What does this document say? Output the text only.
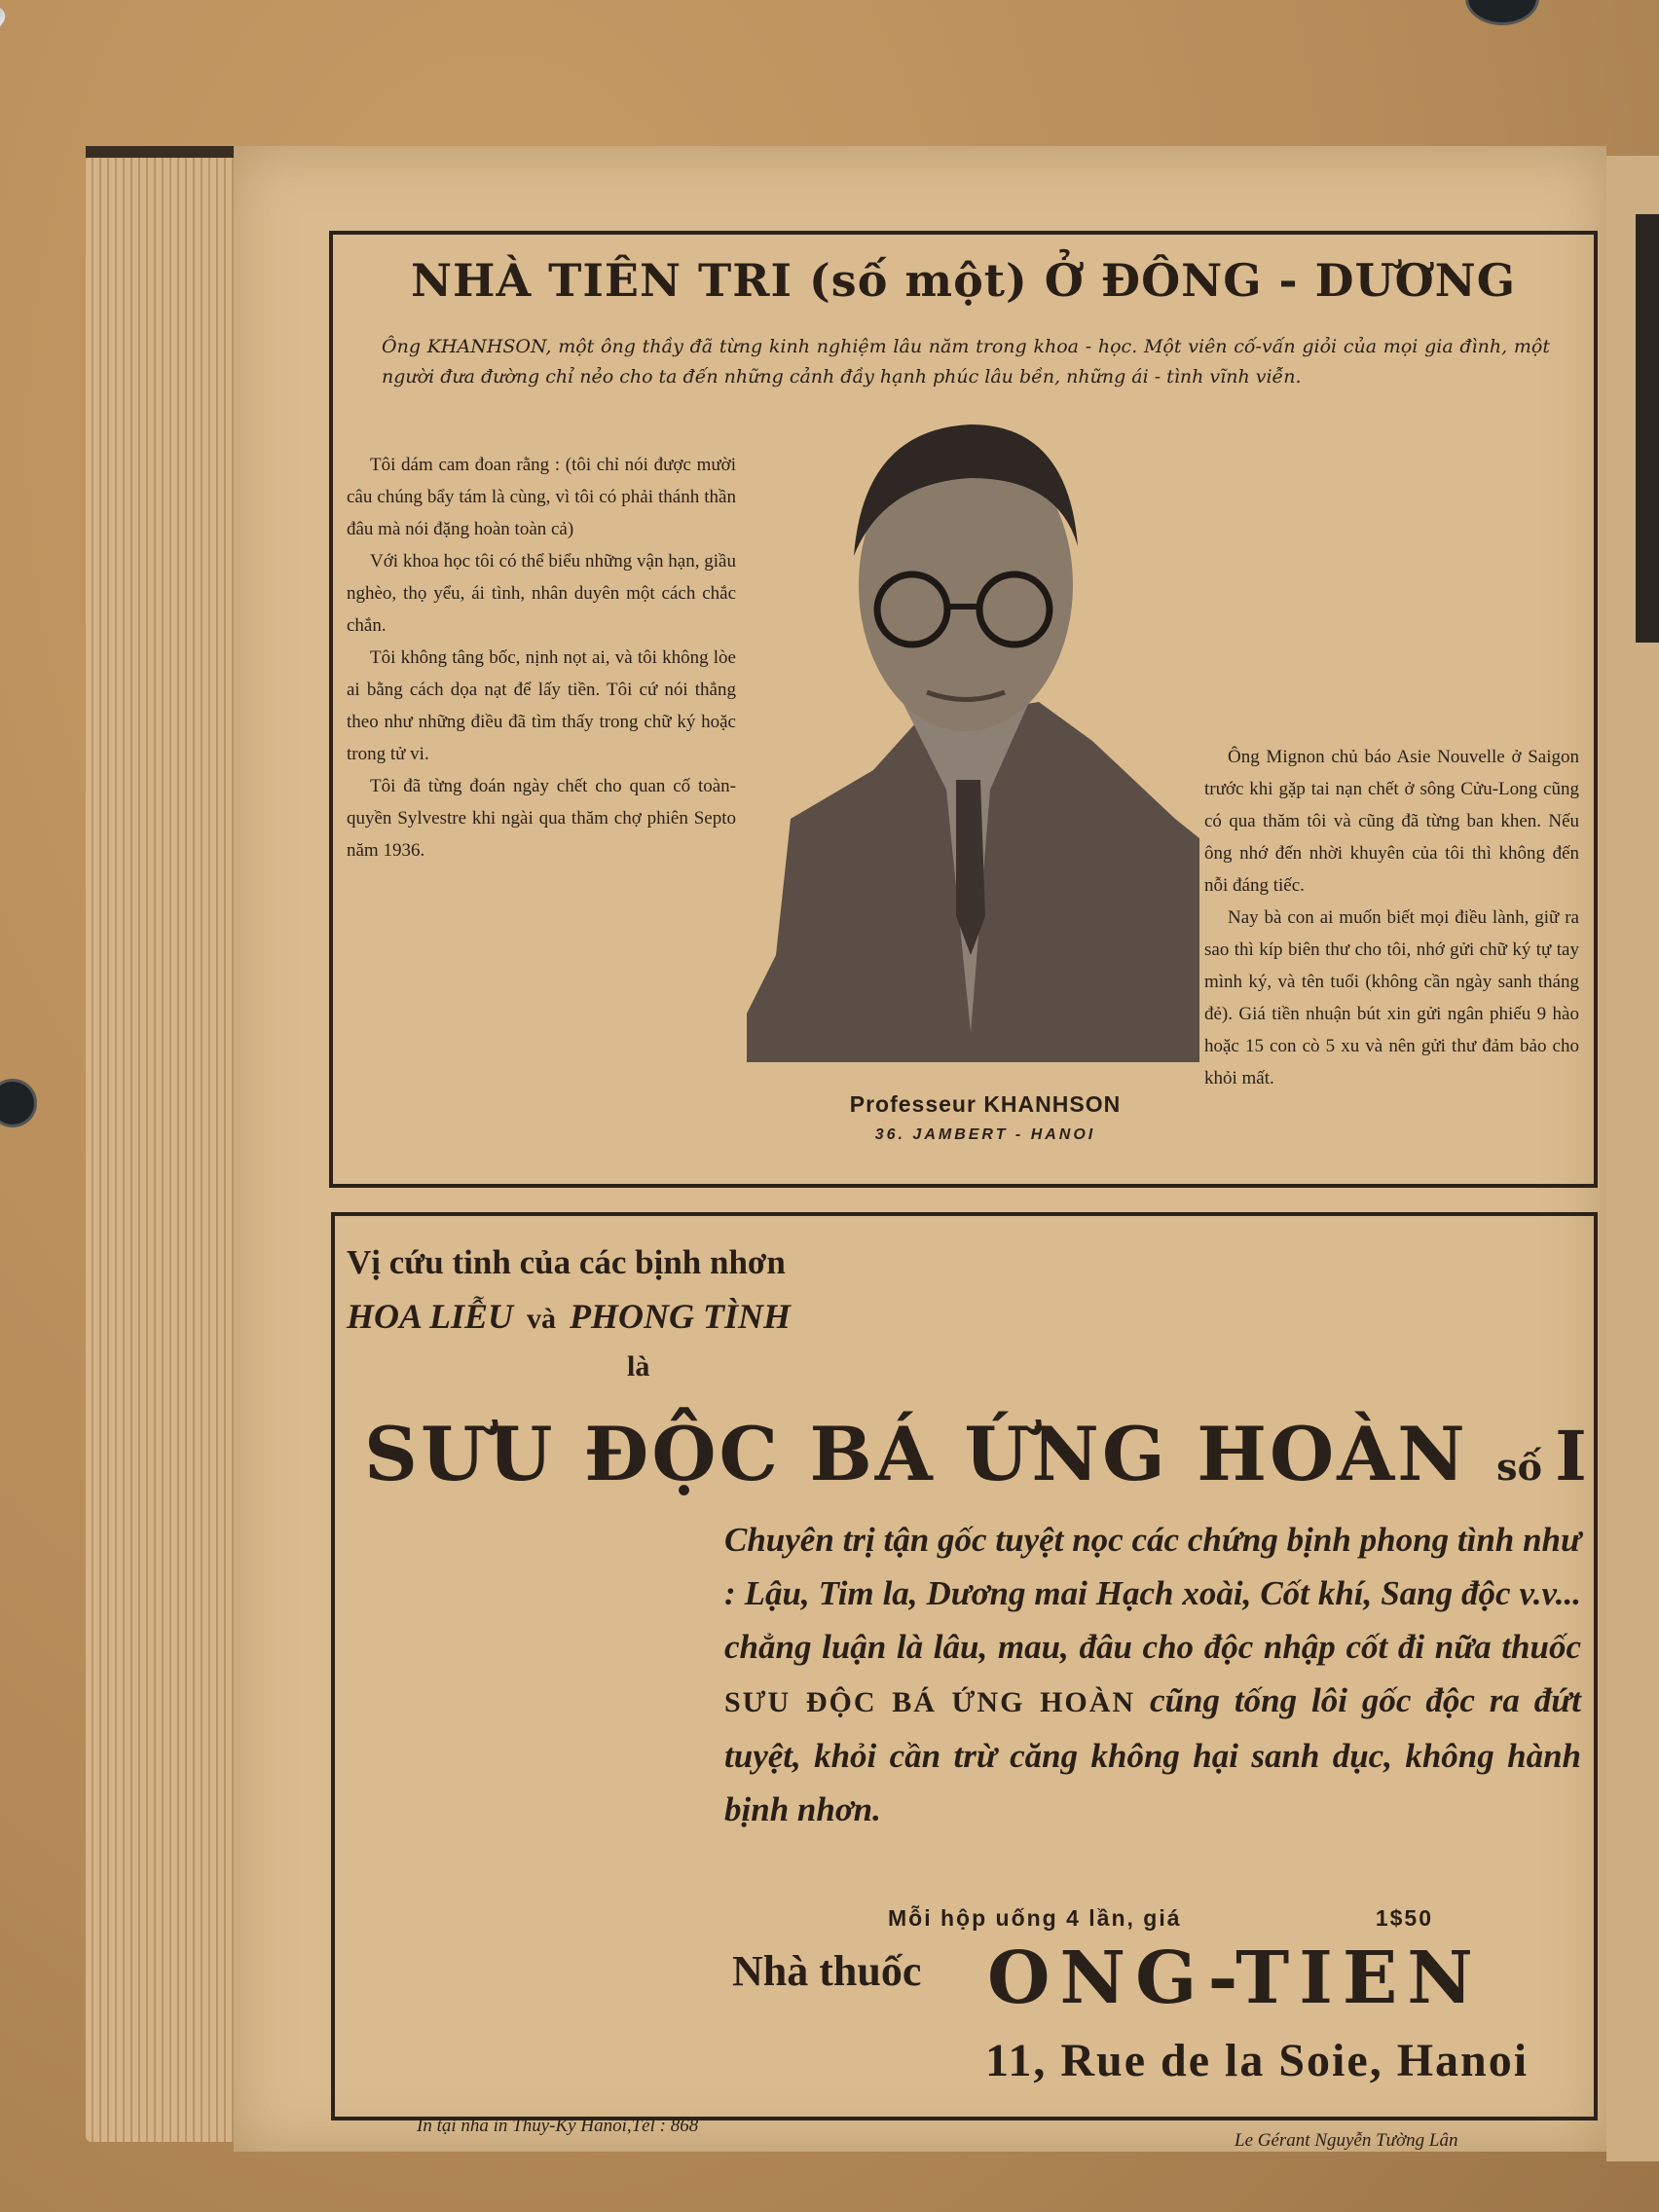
NHÀ TIÊN TRI (số một) Ở ĐÔNG - DƯƠNG
Ông KHANHSON, một ông thầy đã từng kinh nghiệm lâu năm trong khoa - học. Một viên cố-vấn giỏi của mọi gia đình, một người đưa đường chỉ nẻo cho ta đến những cảnh đầy hạnh phúc lâu bền, những ái - tình vĩnh viễn.

Tôi dám cam đoan rằng : (tôi chỉ nói được mười câu chúng bẩy tám là cùng, vì tôi có phải thánh thần đâu mà nói đặng hoàn toàn cả)

Với khoa học tôi có thể biểu những vận hạn, giầu nghèo, thọ yểu, ái tình, nhân duyên một cách chắc chắn.

Tôi không tâng bốc, nịnh nọt ai, và tôi không lòe ai bằng cách dọa nạt để lấy tiền. Tôi cứ nói thẳng theo như những điều đã tìm thấy trong chữ ký hoặc trong tử vi.

Tôi đã từng đoán ngày chết cho quan cố toàn-quyền Sylvestre khi ngài qua thăm chợ phiên Septo năm 1936.

Professeur KHANHSON
36. JAMBERT - HANOI

Ông Mignon chủ báo Asie Nouvelle ở Saigon trước khi gặp tai nạn chết ở sông Cửu-Long cũng có qua thăm tôi và cũng đã từng ban khen. Nếu ông nhớ đến nhời khuyên của tôi thì không đến nỗi đáng tiếc.

Nay bà con ai muốn biết mọi điều lành, giữ ra sao thì kíp biên thư cho tôi, nhớ gửi chữ ký tự tay mình ký, và tên tuổi (không cần ngày sanh tháng đẻ). Giá tiền nhuận bút xin gửi ngân phiếu 9 hào hoặc 15 con cò 5 xu và nên gửi thư đảm bảo cho khỏi mất.

Vị cứu tinh của các bịnh nhơn
HOA LIỄU và PHONG TÌNH
là
SƯU ĐỘC BÁ ỨNG HOÀN số I
Chuyên trị tận gốc tuyệt nọc các chứng bịnh phong tình như : Lậu, Tim la, Dương mai Hạch xoài, Cốt khí, Sang độc v.v... chẳng luận là lâu, mau, đâu cho độc nhập cốt đi nữa thuốc SƯU ĐỘC BÁ ỨNG HOÀN cũng tống lôi gốc độc ra đứt tuyệt, khỏi cần trừ căng không hại sanh dục, không hành bịnh nhơn.
Mỗi hộp uống 4 lần, giá	1$50
Nhà thuốc ONG-TIEN
11, Rue de la Soie, Hanoi
In tại nhà in Thuy-Ký Hanoi,Tél : 868
Le Gérant Nguyễn Tường Lân
